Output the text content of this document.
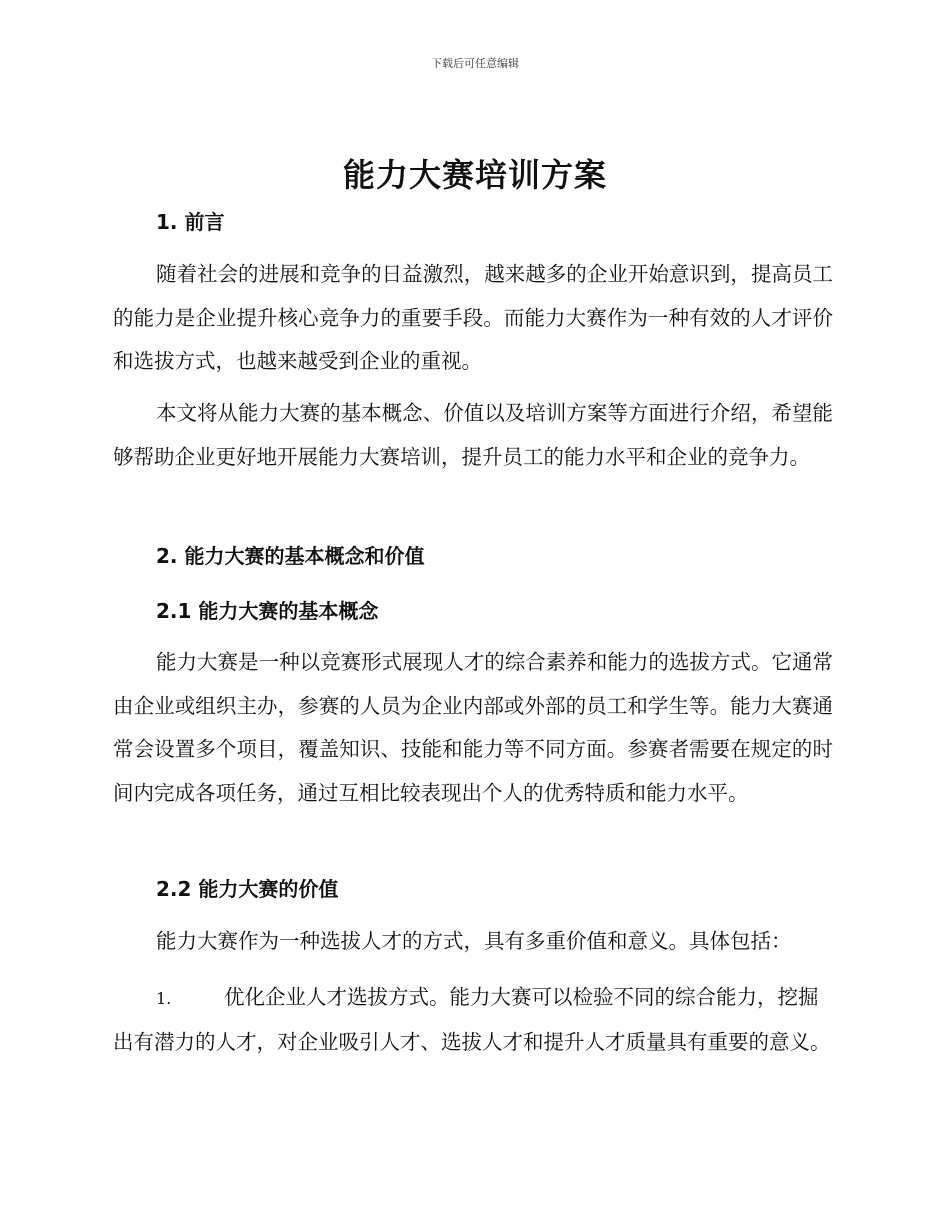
下载后可任意编辑
能力大赛培训方案
1. 前言
随着社会的进展和竞争的日益激烈，越来越多的企业开始意识到，提高员工的能力是企业提升核心竞争力的重要手段。而能力大赛作为一种有效的人才评价和选拔方式，也越来越受到企业的重视。
本文将从能力大赛的基本概念、价值以及培训方案等方面进行介绍，希望能够帮助企业更好地开展能力大赛培训，提升员工的能力水平和企业的竞争力。
2. 能力大赛的基本概念和价值
2.1 能力大赛的基本概念
能力大赛是一种以竞赛形式展现人才的综合素养和能力的选拔方式。它通常由企业或组织主办，参赛的人员为企业内部或外部的员工和学生等。能力大赛通常会设置多个项目，覆盖知识、技能和能力等不同方面。参赛者需要在规定的时间内完成各项任务，通过互相比较表现出个人的优秀特质和能力水平。
2.2 能力大赛的价值
能力大赛作为一种选拔人才的方式，具有多重价值和意义。具体包括：
1.	优化企业人才选拔方式。能力大赛可以检验不同的综合能力，挖掘出有潜力的人才，对企业吸引人才、选拔人才和提升人才质量具有重要的意义。
